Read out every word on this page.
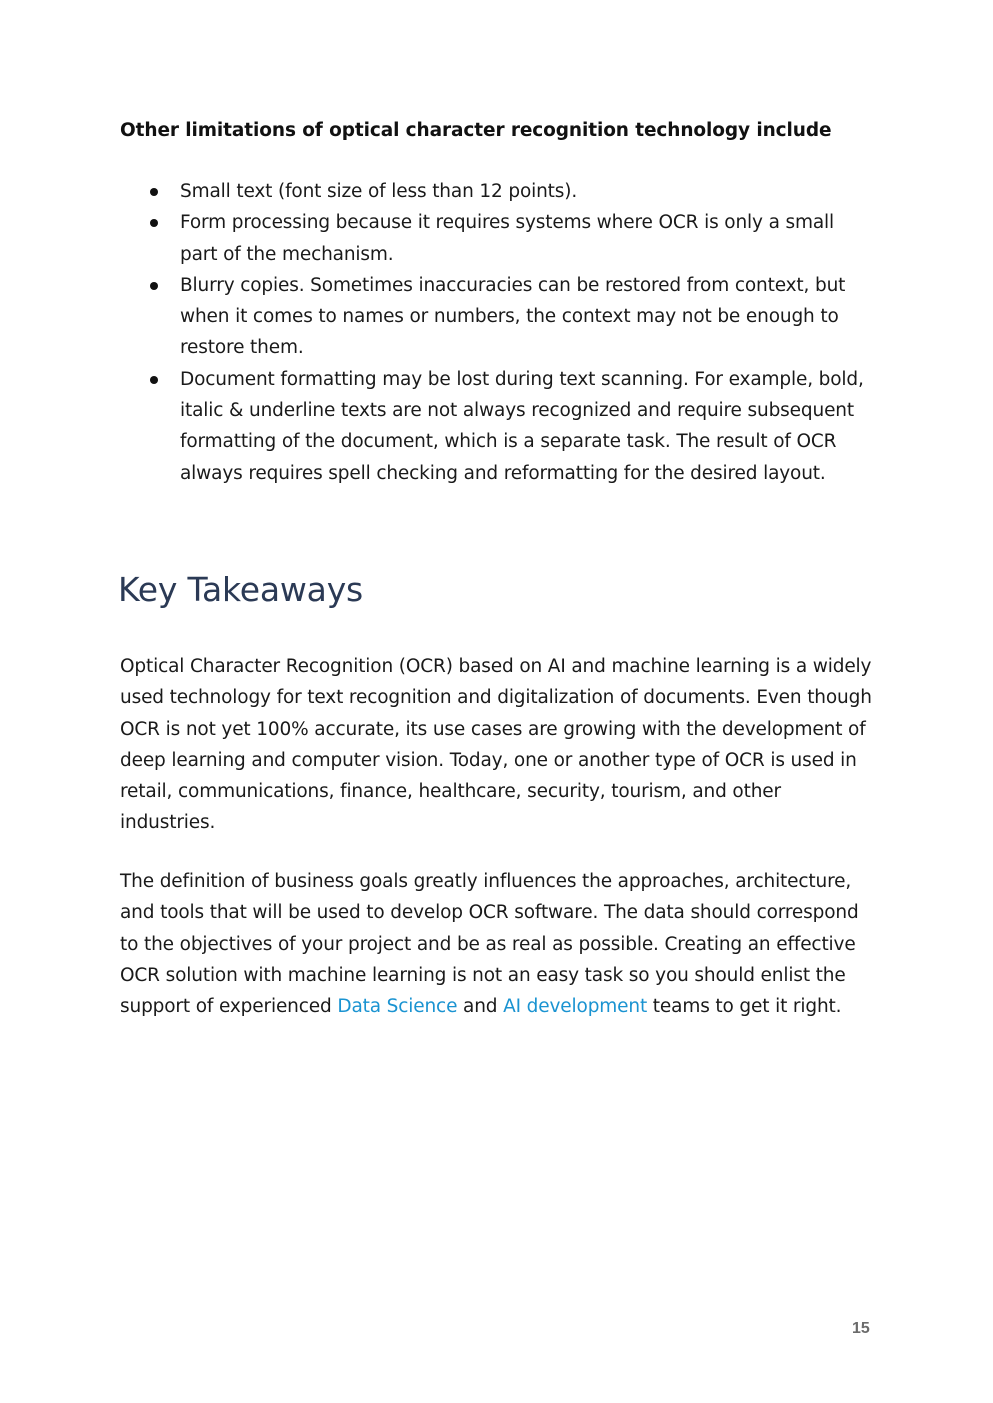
Other limitations of optical character recognition technology include
Small text (font size of less than 12 points).
Form processing because it requires systems where OCR is only a small part of the mechanism.
Blurry copies. Sometimes inaccuracies can be restored from context, but when it comes to names or numbers, the context may not be enough to restore them.
Document formatting may be lost during text scanning. For example, bold, italic & underline texts are not always recognized and require subsequent formatting of the document, which is a separate task. The result of OCR always requires spell checking and reformatting for the desired layout.
Key Takeaways

Optical Character Recognition (OCR) based on AI and machine learning is a widely used technology for text recognition and digitalization of documents. Even though OCR is not yet 100% accurate, its use cases are growing with the development of deep learning and computer vision. Today, one or another type of OCR is used in retail, communications, finance, healthcare, security, tourism, and other industries.

The definition of business goals greatly influences the approaches, architecture, and tools that will be used to develop OCR software. The data should correspond to the objectives of your project and be as real as possible. Creating an effective OCR solution with machine learning is not an easy task so you should enlist the support of experienced Data Science and AI development teams to get it right.

15
